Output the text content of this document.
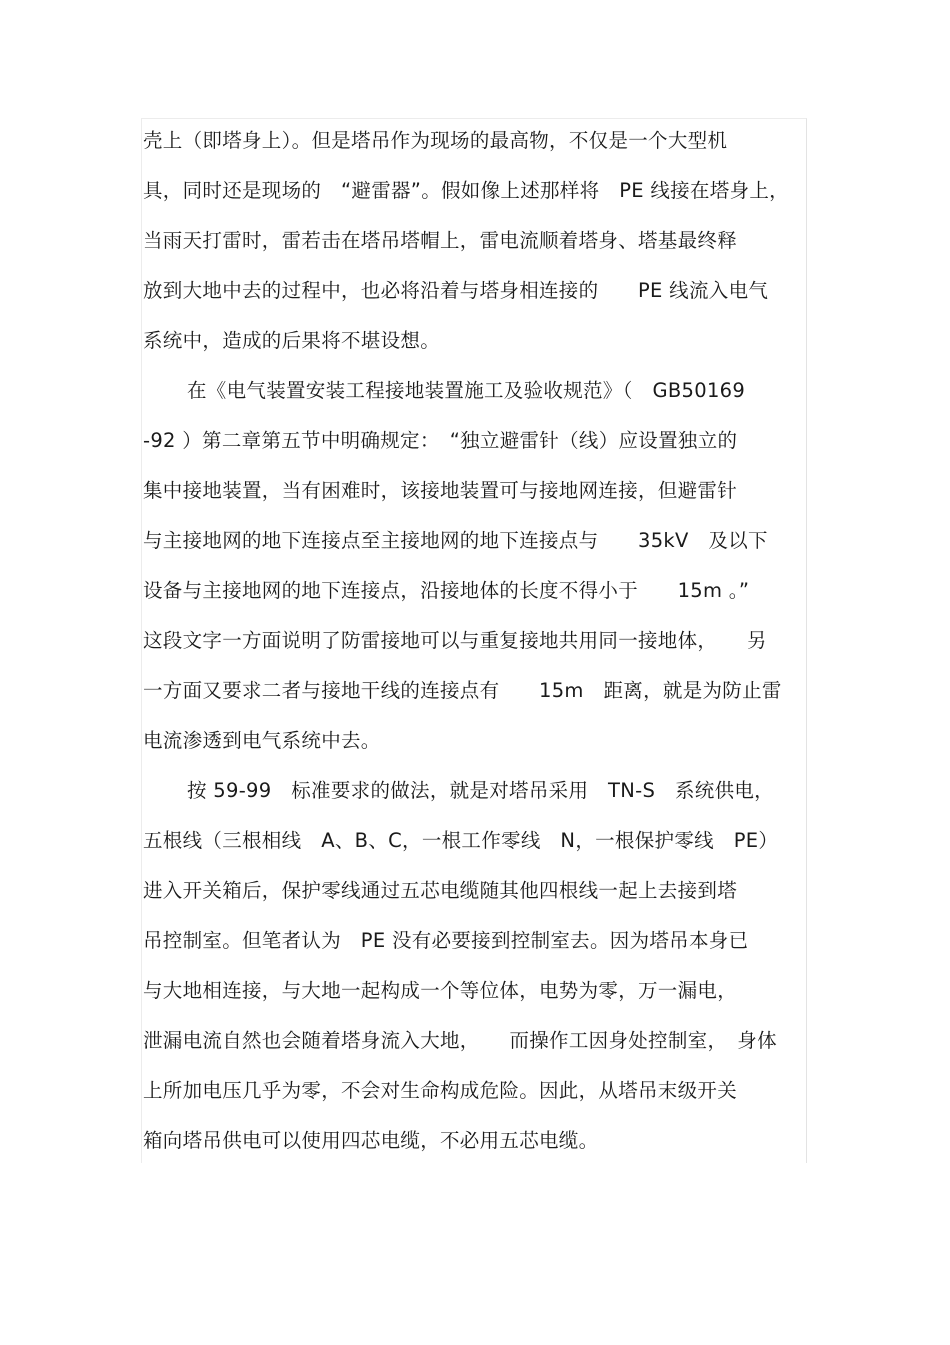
壳上（即塔身上）。但是塔吊作为现场的最高物，不仅是一个大型机
具，同时还是现场的　“避雷器”。假如像上述那样将　PE 线接在塔身上，
当雨天打雷时，雷若击在塔吊塔帽上，雷电流顺着塔身、塔基最终释
放到大地中去的过程中，也必将沿着与塔身相连接的　　PE 线流入电气
系统中，造成的后果将不堪设想。
在《电气装置安装工程接地装置施工及验收规范》（　GB50169
-92 ）第二章第五节中明确规定：　“独立避雷针（线）应设置独立的
集中接地装置，当有困难时，该接地装置可与接地网连接，但避雷针
与主接地网的地下连接点至主接地网的地下连接点与　　35kV　及以下
设备与主接地网的地下连接点，沿接地体的长度不得小于　　15m 。”
这段文字一方面说明了防雷接地可以与重复接地共用同一接地体，　　另
一方面又要求二者与接地干线的连接点有　　15m　距离，就是为防止雷
电流渗透到电气系统中去。
按 59-99　标准要求的做法，就是对塔吊采用　TN-S　系统供电，
五根线（三根相线　A、B、C，一根工作零线　N，一根保护零线　PE）
进入开关箱后，保护零线通过五芯电缆随其他四根线一起上去接到塔
吊控制室。但笔者认为　PE 没有必要接到控制室去。因为塔吊本身已
与大地相连接，与大地一起构成一个等位体，电势为零，万一漏电，
泄漏电流自然也会随着塔身流入大地，　　而操作工因身处控制室，　身体
上所加电压几乎为零，不会对生命构成危险。因此，从塔吊末级开关
箱向塔吊供电可以使用四芯电缆，不必用五芯电缆。
